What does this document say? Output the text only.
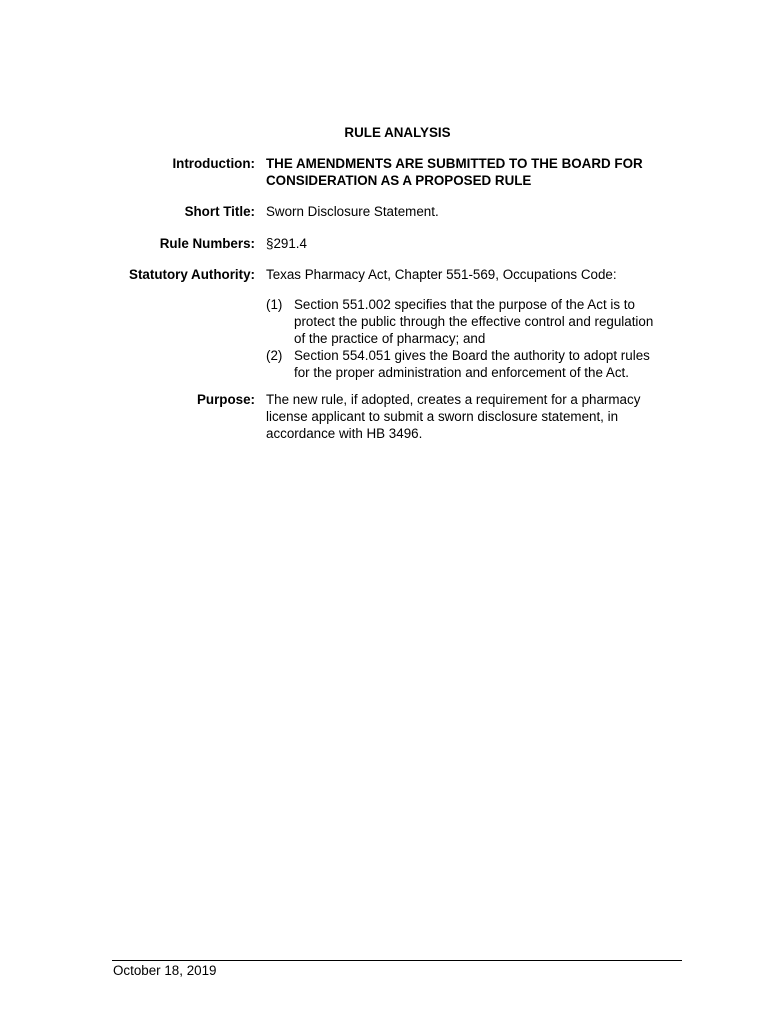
RULE ANALYSIS
Introduction: THE AMENDMENTS ARE SUBMITTED TO THE BOARD FOR
CONSIDERATION AS A PROPOSED RULE
Short Title: Sworn Disclosure Statement.
Rule Numbers: §291.4
Statutory Authority: Texas Pharmacy Act, Chapter 551-569, Occupations Code:
(1) Section 551.002 specifies that the purpose of the Act is to
protect the public through the effective control and regulation
of the practice of pharmacy; and
(2) Section 554.051 gives the Board the authority to adopt rules
for the proper administration and enforcement of the Act.
Purpose: The new rule, if adopted, creates a requirement for a pharmacy
license applicant to submit a sworn disclosure statement, in
accordance with HB 3496.
October 18, 2019
